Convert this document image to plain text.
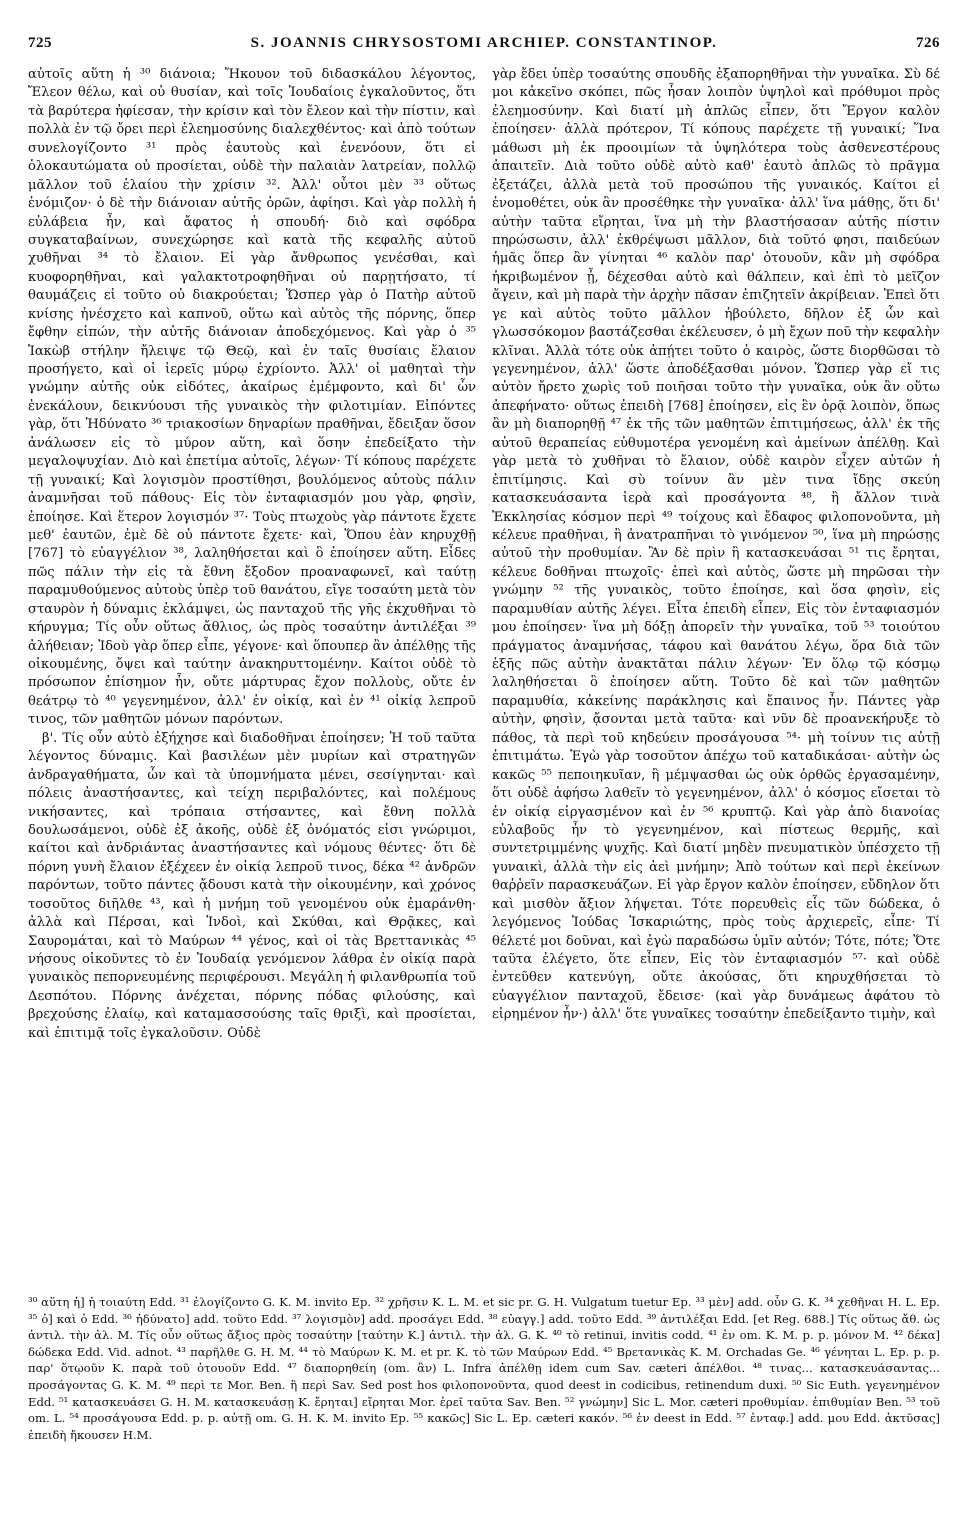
725	S. JOANNIS CHRYSOSTOMI ARCHIEP. CONSTANTINOP.	726

αὐτοῖς αὕτη ἡ ³⁰ διάνοια; Ἤκουον τοῦ διδασκάλου λέγοντος, Ἔλεον θέλω, καὶ οὐ θυσίαν, καὶ τοῖς Ἰουδαίοις ἐγκαλοῦντος, ὅτι τὰ βαρύτερα ἠφίεσαν, τὴν κρίσιν καὶ τὸν ἔλεον καὶ τὴν πίστιν, καὶ πολλὰ ἐν τῷ ὄρει περὶ ἐλεημοσύνης διαλεχθέντος· καὶ ἀπὸ τούτων συνελογίζοντο ³¹ πρὸς ἑαυτοὺς καὶ ἐνενόουν, ὅτι εἰ ὁλοκαυτώματα οὐ προσίεται, οὐδὲ τὴν παλαιὰν λατρείαν, πολλῷ μᾶλλον τοῦ ἐλαίου τὴν χρίσιν ³². Ἀλλ' οὗτοι μὲν ³³ οὕτως ἐνόμιζον· ὁ δὲ τὴν διάνοιαν αὐτῆς ὁρῶν, ἀφίησι. Καὶ γὰρ πολλὴ ἡ εὐλάβεια ἦν, καὶ ἄφατος ἡ σπουδή· διὸ καὶ σφόδρα συγκαταβαίνων, συνεχώρησε καὶ κατὰ τῆς κεφαλῆς αὐτοῦ χυθῆναι ³⁴ τὸ ἔλαιον. Εἰ γὰρ ἄνθρωπος γενέσθαι, καὶ κυοφορηθῆναι, καὶ γαλακτοτροφηθῆναι οὐ παρῃτήσατο, τί θαυμάζεις εἰ τοῦτο οὐ διακρούεται; Ὥσπερ γὰρ ὁ Πατὴρ αὐτοῦ κνίσης ἠνέσχετο καὶ καπνοῦ, οὕτω καὶ αὐτὸς τῆς πόρνης, ὅπερ ἔφθην εἰπών, τὴν αὐτῆς διάνοιαν ἀποδεχόμενος. Καὶ γὰρ ὁ ³⁵ Ἰακὼβ στήλην ἤλειψε τῷ Θεῷ, καὶ ἐν ταῖς θυσίαις ἔλαιον προσήγετο, καὶ οἱ ἱερεῖς μύρῳ ἐχρίοντο. Ἀλλ' οἱ μαθηταὶ τὴν γνώμην αὐτῆς οὐκ εἰδότες, ἀκαίρως ἐμέμφοντο, καὶ δι' ὧν ἐνεκάλουν, δεικνύουσι τῆς γυναικὸς τὴν φιλοτιμίαν. Εἰπόντες γὰρ, ὅτι Ἠδύνατο ³⁶ τριακοσίων δηναρίων πραθῆναι, ἔδειξαν ὅσον ἀνάλωσεν εἰς τὸ μύρον αὕτη, καὶ ὅσην ἐπεδείξατο τὴν μεγαλοψυχίαν. Διὸ καὶ ἐπετίμα αὐτοῖς, λέγων· Τί κόπους παρέχετε τῇ γυναικί; Καὶ λογισμὸν προστίθησι, βουλόμενος αὐτοὺς πάλιν ἀναμνῆσαι τοῦ πάθους· Εἰς τὸν ἐνταφιασμόν μου γὰρ, φησὶν, ἐποίησε. Καὶ ἕτερον λογισμόν ³⁷· Τοὺς πτωχοὺς γὰρ πάντοτε ἔχετε μεθ' ἑαυτῶν, ἐμὲ δὲ οὐ πάντοτε ἔχετε· καὶ, Ὅπου ἐὰν κηρυχθῇ [767] τὸ εὐαγγέλιον ³⁸, λαληθήσεται καὶ ὃ ἐποίησεν αὕτη. Εἶδες πῶς πάλιν τὴν εἰς τὰ ἔθνη ἔξοδον προαναφωνεῖ, καὶ ταύτῃ παραμυθούμενος αὐτοὺς ὑπὲρ τοῦ θανάτου, εἴγε τοσαύτη μετὰ τὸν σταυρὸν ἡ δύναμις ἐκλάμψει, ὡς πανταχοῦ τῆς γῆς ἐκχυθῆναι τὸ κήρυγμα; Τίς οὖν οὕτως ἄθλιος, ὡς πρὸς τοσαύτην ἀντιλέξαι ³⁹ ἀλήθειαν; Ἰδοὺ γὰρ ὅπερ εἶπε, γέγονε· καὶ ὅπουπερ ἂν ἀπέλθῃς τῆς οἰκουμένης, ὄψει καὶ ταύτην ἀνακηρυττομένην. Καίτοι οὐδὲ τὸ πρόσωπον ἐπίσημον ἦν, οὔτε μάρτυρας ἔχον πολλοὺς, οὔτε ἐν θεάτρῳ τὸ ⁴⁰ γεγενημένον, ἀλλ' ἐν οἰκίᾳ, καὶ ἐν ⁴¹ οἰκίᾳ λεπροῦ τινος, τῶν μαθητῶν μόνων παρόντων.

β'. Τίς οὖν αὐτὸ ἐξήχησε καὶ διαδοθῆναι ἐποίησεν; Ἡ τοῦ ταῦτα λέγοντος δύναμις. Καὶ βασιλέων μὲν μυρίων καὶ στρατηγῶν ἀνδραγαθήματα, ὧν καὶ τὰ ὑπομνήματα μένει, σεσίγηνται· καὶ πόλεις ἀναστήσαντες, καὶ τείχη περιβαλόντες, καὶ πολέμους νικήσαντες, καὶ τρόπαια στήσαντες, καὶ ἔθνη πολλὰ δουλωσάμενοι, οὐδὲ ἐξ ἀκοῆς, οὐδὲ ἐξ ὀνόματός εἰσι γνώριμοι, καίτοι καὶ ἀνδριάντας ἀναστήσαντες καὶ νόμους θέντες· ὅτι δὲ πόρνη γυνὴ ἔλαιον ἐξέχεεν ἐν οἰκίᾳ λεπροῦ τινος, δέκα ⁴² ἀνδρῶν παρόντων, τοῦτο πάντες ᾄδουσι κατὰ τὴν οἰκουμένην, καὶ χρόνος τοσοῦτος διῆλθε ⁴³, καὶ ἡ μνήμη τοῦ γενομένου οὐκ ἐμαράνθη· ἀλλὰ καὶ Πέρσαι, καὶ Ἰνδοὶ, καὶ Σκύθαι, καὶ Θρᾷκες, καὶ Σαυρομάται, καὶ τὸ Μαύρων ⁴⁴ γένος, καὶ οἱ τὰς Βρεττανικὰς ⁴⁵ νήσους οἰκοῦντες τὸ ἐν Ἰουδαίᾳ γενόμενον λάθρα ἐν οἰκίᾳ παρὰ γυναικὸς πεπορνευμένης περιφέρουσι. Μεγάλη ἡ φιλανθρωπία τοῦ Δεσπότου. Πόρνης ἀνέχεται, πόρνης πόδας φιλούσης, καὶ βρεχούσης ἐλαίῳ, καὶ καταμασσούσης ταῖς θριξὶ, καὶ προσίεται, καὶ ἐπιτιμᾷ τοῖς ἐγκαλοῦσιν. Οὐδὲ

γὰρ ἔδει ὑπὲρ τοσαύτης σπουδῆς ἐξαπορηθῆναι τὴν γυναῖκα. Σὺ δέ μοι κἀκεῖνο σκόπει, πῶς ἦσαν λοιπὸν ὑψηλοὶ καὶ πρόθυμοι πρὸς ἐλεημοσύνην. Καὶ διατί μὴ ἁπλῶς εἶπεν, ὅτι Ἔργον καλὸν ἐποίησεν· ἀλλὰ πρότερον, Τί κόπους παρέχετε τῇ γυναικί; Ἵνα μάθωσι μὴ ἐκ προοιμίων τὰ ὑψηλότερα τοὺς ἀσθενεστέρους ἀπαιτεῖν. Διὰ τοῦτο οὐδὲ αὐτὸ καθ' ἑαυτὸ ἁπλῶς τὸ πρᾶγμα ἐξετάζει, ἀλλὰ μετὰ τοῦ προσώπου τῆς γυναικός. Καίτοι εἰ ἐνομοθέτει, οὐκ ἂν προσέθηκε τὴν γυναῖκα· ἀλλ' ἵνα μάθῃς, ὅτι δι' αὐτὴν ταῦτα εἴρηται, ἵνα μὴ τὴν βλαστήσασαν αὐτῆς πίστιν πηρώσωσιν, ἀλλ' ἐκθρέψωσι μᾶλλον, διὰ τοῦτό φησι, παιδεύων ἡμᾶς ὅπερ ἂν γίνηται ⁴⁶ καλὸν παρ' ὁτουοῦν, κἂν μὴ σφόδρα ἠκριβωμένον ᾖ, δέχεσθαι αὐτὸ καὶ θάλπειν, καὶ ἐπὶ τὸ μεῖζον ἄγειν, καὶ μὴ παρὰ τὴν ἀρχὴν πᾶσαν ἐπιζητεῖν ἀκρίβειαν. Ἐπεὶ ὅτι γε καὶ αὐτὸς τοῦτο μᾶλλον ἠβούλετο, δῆλον ἐξ ὧν καὶ γλωσσόκομον βαστάζεσθαι ἐκέλευσεν, ὁ μὴ ἔχων ποῦ τὴν κεφαλὴν κλῖναι. Ἀλλὰ τότε οὐκ ἀπῄτει τοῦτο ὁ καιρὸς, ὥστε διορθῶσαι τὸ γεγενημένον, ἀλλ' ὥστε ἀποδέξασθαι μόνον. Ὥσπερ γὰρ εἴ τις αὐτὸν ἤρετο χωρὶς τοῦ ποιῆσαι τοῦτο τὴν γυναῖκα, οὐκ ἂν οὕτω ἀπεφήνατο· οὕτως ἐπειδὴ [768] ἐποίησεν, εἰς ἓν ὁρᾷ λοιπὸν, ὅπως ἂν μὴ διαπορηθῇ ⁴⁷ ἐκ τῆς τῶν μαθητῶν ἐπιτιμήσεως, ἀλλ' ἐκ τῆς αὐτοῦ θεραπείας εὐθυμοτέρα γενομένη καὶ ἀμείνων ἀπέλθῃ. Καὶ γὰρ μετὰ τὸ χυθῆναι τὸ ἔλαιον, οὐδὲ καιρὸν εἶχεν αὐτῶν ἡ ἐπιτίμησις. Καὶ σὺ τοίνυν ἂν μὲν τινα ἴδῃς σκεύη κατασκευάσαντα ἱερὰ καὶ προσάγοντα ⁴⁸, ἢ ἄλλον τινὰ Ἐκκλησίας κόσμον περὶ ⁴⁹ τοίχους καὶ ἔδαφος φιλοπονοῦντα, μὴ κέλευε πραθῆναι, ἢ ἀνατραπῆναι τὸ γινόμενον ⁵⁰, ἵνα μὴ πηρώσῃς αὐτοῦ τὴν προθυμίαν. Ἂν δὲ πρὶν ἢ κατασκευάσαι ⁵¹ τις ἔρηται, κέλευε δοθῆναι πτωχοῖς· ἐπεὶ καὶ αὐτὸς, ὥστε μὴ πηρῶσαι τὴν γνώμην ⁵² τῆς γυναικὸς, τοῦτο ἐποίησε, καὶ ὅσα φησὶν, εἰς παραμυθίαν αὐτῆς λέγει. Εἶτα ἐπειδὴ εἶπεν, Εἰς τὸν ἐνταφιασμόν μου ἐποίησεν· ἵνα μὴ δόξῃ ἀπορεῖν τὴν γυναῖκα, τοῦ ⁵³ τοιούτου πράγματος ἀναμνήσας, τάφου καὶ θανάτου λέγω, ὅρα διὰ τῶν ἑξῆς πῶς αὐτὴν ἀνακτᾶται πάλιν λέγων· Ἐν ὅλῳ τῷ κόσμῳ λαληθήσεται ὃ ἐποίησεν αὕτη. Τοῦτο δὲ καὶ τῶν μαθητῶν παραμυθία, κἀκείνης παράκλησις καὶ ἔπαινος ἦν. Πάντες γὰρ αὐτὴν, φησὶν, ᾄσονται μετὰ ταῦτα· καὶ νῦν δὲ προανεκήρυξε τὸ πάθος, τὰ περὶ τοῦ κηδεύειν προσάγουσα ⁵⁴· μὴ τοίνυν τις αὐτῇ ἐπιτιμάτω. Ἐγὼ γὰρ τοσοῦτον ἀπέχω τοῦ καταδικάσαι· αὐτὴν ὡς κακῶς ⁵⁵ πεποιηκυῖαν, ἢ μέμψασθαι ὡς οὐκ ὀρθῶς ἐργασαμένην, ὅτι οὐδὲ ἀφήσω λαθεῖν τὸ γεγενημένον, ἀλλ' ὁ κόσμος εἴσεται τὸ ἐν οἰκίᾳ εἰργασμένον καὶ ἐν ⁵⁶ κρυπτῷ. Καὶ γὰρ ἀπὸ διανοίας εὐλαβοῦς ἦν τὸ γεγενημένον, καὶ πίστεως θερμῆς, καὶ συντετριμμένης ψυχῆς. Καὶ διατί μηδὲν πνευματικὸν ὑπέσχετο τῇ γυναικὶ, ἀλλὰ τὴν εἰς ἀεὶ μνήμην; Ἀπὸ τούτων καὶ περὶ ἐκείνων θαῤῥεῖν παρασκευάζων. Εἰ γὰρ ἔργον καλὸν ἐποίησεν, εὔδηλον ὅτι καὶ μισθὸν ἄξιον λήψεται. Τότε πορευθεὶς εἷς τῶν δώδεκα, ὁ λεγόμενος Ἰούδας Ἰσκαριώτης, πρὸς τοὺς ἀρχιερεῖς, εἶπε· Τί θέλετέ μοι δοῦναι, καὶ ἐγὼ παραδώσω ὑμῖν αὐτόν; Τότε, πότε; Ὅτε ταῦτα ἐλέγετο, ὅτε εἶπεν, Εἰς τὸν ἐνταφιασμόν ⁵⁷· καὶ οὐδὲ ἐντεῦθεν κατενύγη, οὔτε ἀκούσας, ὅτι κηρυχθήσεται τὸ εὐαγγέλιον πανταχοῦ, ἔδεισε· (καὶ γὰρ δυνάμεως ἀφάτου τὸ εἰρημένον ἦν·) ἀλλ' ὅτε γυναῖκες τοσαύτην ἐπεδείξαντο τιμὴν, καὶ

³⁰ αὕτη ἡ] ἡ τοιαύτη Edd. ³¹ ἐλογίζοντο G. K. M. invito Ep. ³² χρῆσιν K. L. M. et sic pr. G. H. Vulgatum tuetur Ep. ³³ μὲν] add. οὖν G. K. ³⁴ χεθῆναι H. L. Ep. ³⁵ ὁ] καὶ ὁ Edd. ³⁶ ἠδύνατο] add. τοῦτο Edd. ³⁷ λογισμὸν] add. προσάγει Edd. ³⁸ εὐαγγ.] add. τοῦτο Edd. ³⁹ ἀντιλέξαι Edd. [et Reg. 688.] Τίς οὕτως ἄθ. ὡς ἀντιλ. τὴν ἀλ. M. Τίς οὖν οὕτως ἄξιος πρὸς τοσαύτην [ταύτην K.] ἀντιλ. τὴν ἀλ. G. K. ⁴⁰ τὸ retinui, invitis codd. ⁴¹ ἐν om. K. M. p. p. μόνον M. ⁴² δέκα] δώδεκα Edd. Vid. adnot. ⁴³ παρῆλθε G. H. M. ⁴⁴ τὸ Μαύρων K. M. et pr. K. τὸ τῶν Μαύρων Edd. ⁴⁵ Βρετανικὰς K. M. Orchadas Ge. ⁴⁶ γένηται L. Ep. p. p. παρ' ὅτῳοῦν K. παρὰ τοῦ ὁτουοῦν Edd. ⁴⁷ διαπορηθείη (om. ἂν) L. Infra ἀπέλθῃ idem cum Sav. cæteri ἀπέλθοι. ⁴⁸ τινας... κατασκευάσαντας... προσάγοντας G. K. M. ⁴⁹ περὶ τε Mor. Ben. ἢ περὶ Sav. Sed post hos φιλοπονοῦντα, quod deest in codicibus, retinendum duxi. ⁵⁰ Sic Euth. γεγενημένον Edd. ⁵¹ κατασκευάσει G. H. M. κατασκευάσῃ K. ἔρηται] εἴρηται Mor. ἐρεῖ ταῦτα Sav. Ben. ⁵² γνώμην] Sic L. Mor. cæteri προθυμίαν. ἐπιθυμίαν Ben. ⁵³ τοῦ om. L. ⁵⁴ προσάγουσα Edd. p. p. αὐτῇ om. G. H. K. M. invito Ep. ⁵⁵ κακῶς] Sic L. Ep. cæteri κακόν. ⁵⁶ ἐν deest in Edd. ⁵⁷ ἐνταφ.] add. μου Edd. ἀκτῦσας] ἐπειδὴ ἤκουσεν H.M.
